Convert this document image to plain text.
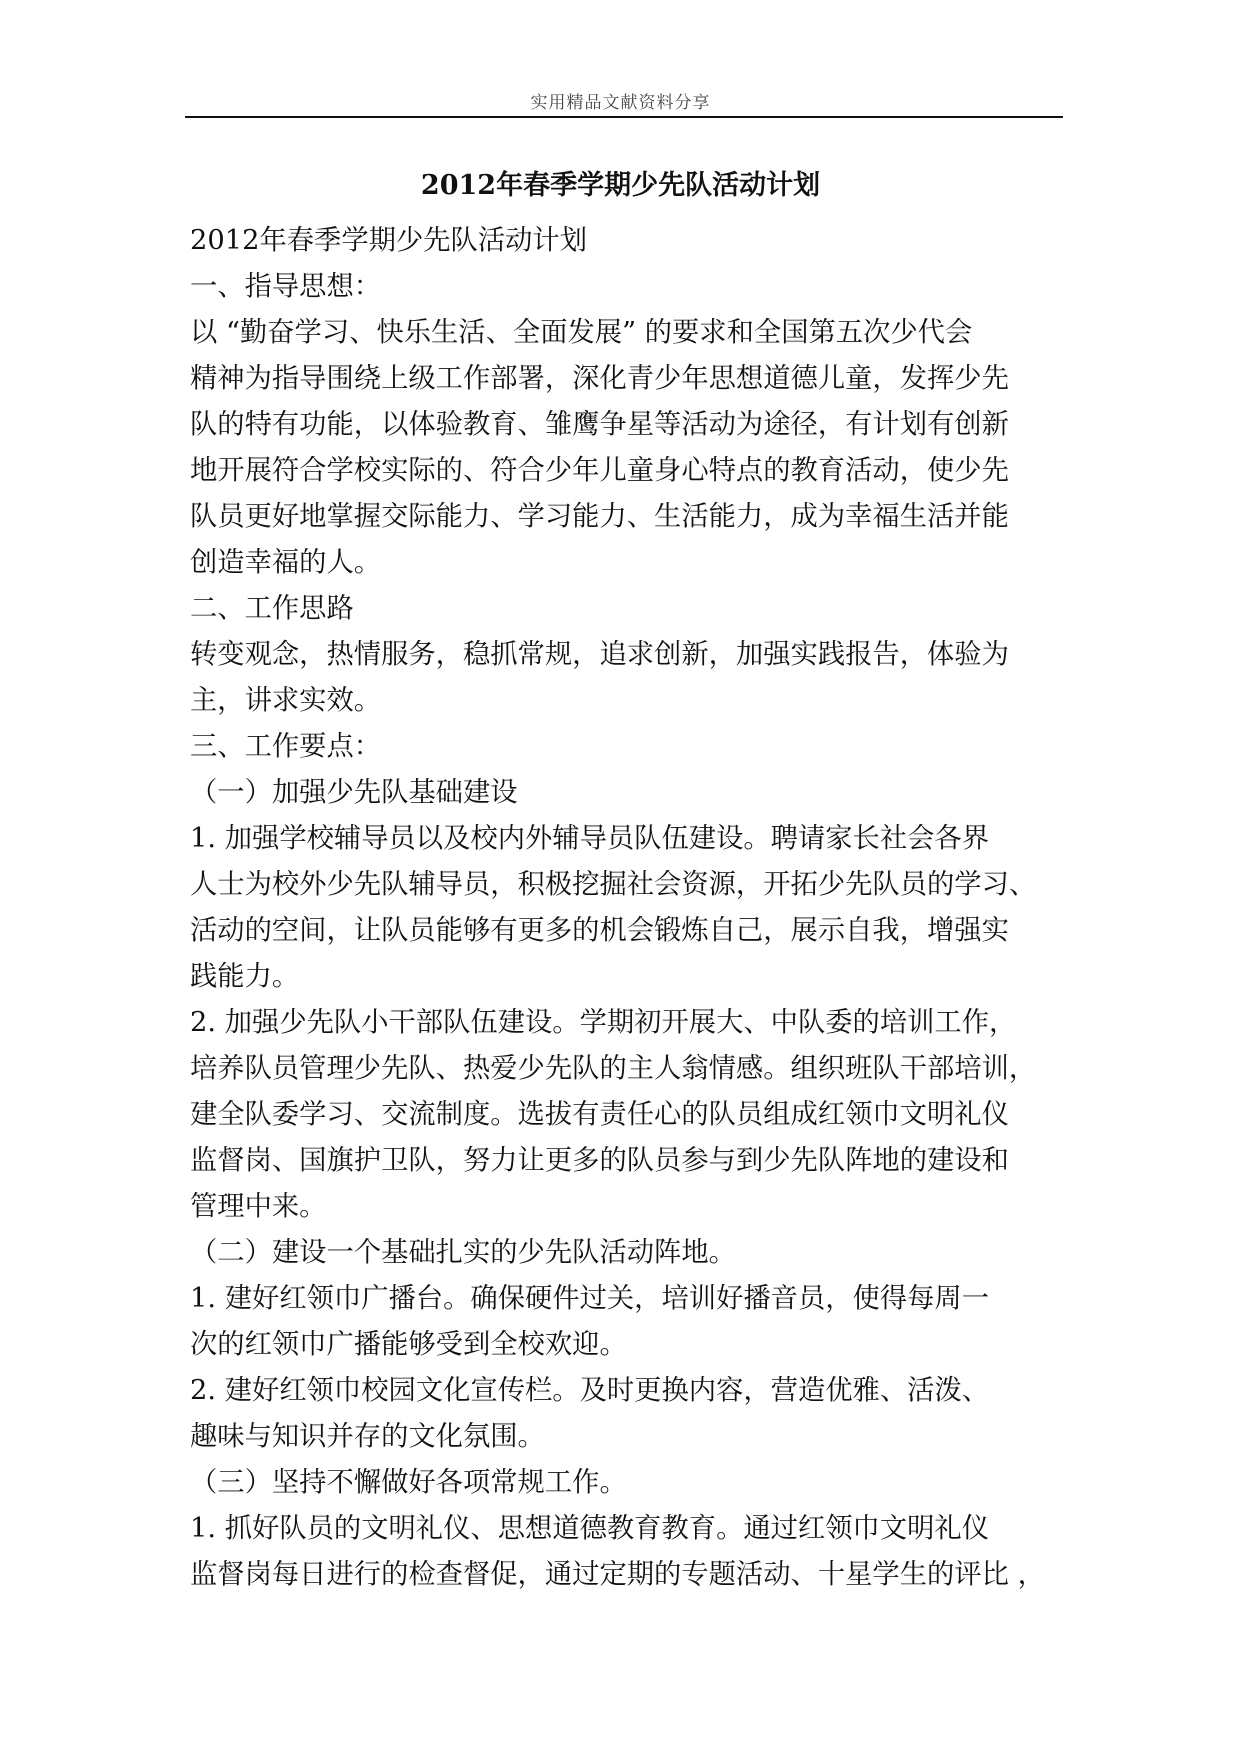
实用精品文献资料分享
2012年春季学期少先队活动计划

2012年春季学期少先队活动计划

一、指导思想：

以 “勤奋学习、快乐生活、全面发展” 的要求和全国第五次少代会

精神为指导围绕上级工作部署，深化青少年思想道德儿童，发挥少先

队的特有功能，以体验教育、雏鹰争星等活动为途径，有计划有创新

地开展符合学校实际的、符合少年儿童身心特点的教育活动，使少先

队员更好地掌握交际能力、学习能力、生活能力，成为幸福生活并能

创造幸福的人。

二、工作思路

转变观念，热情服务，稳抓常规，追求创新，加强实践报告，体验为

主，讲求实效。

三、工作要点：

（一）加强少先队基础建设

1. 加强学校辅导员以及校内外辅导员队伍建设。聘请家长社会各界

人士为校外少先队辅导员，积极挖掘社会资源，开拓少先队员的学习、

活动的空间，让队员能够有更多的机会锻炼自己，展示自我，增强实

践能力。

2. 加强少先队小干部队伍建设。学期初开展大、中队委的培训工作，

培养队员管理少先队、热爱少先队的主人翁情感。组织班队干部培训，

建全队委学习、交流制度。选拔有责任心的队员组成红领巾文明礼仪

监督岗、国旗护卫队，努力让更多的队员参与到少先队阵地的建设和

管理中来。

（二）建设一个基础扎实的少先队活动阵地。

1. 建好红领巾广播台。确保硬件过关，培训好播音员，使得每周一

次的红领巾广播能够受到全校欢迎。

2. 建好红领巾校园文化宣传栏。及时更换内容，营造优雅、活泼、

趣味与知识并存的文化氛围。

（三）坚持不懈做好各项常规工作。

1. 抓好队员的文明礼仪、思想道德教育教育。通过红领巾文明礼仪

监督岗每日进行的检查督促，通过定期的专题活动、十星学生的评比 ，
